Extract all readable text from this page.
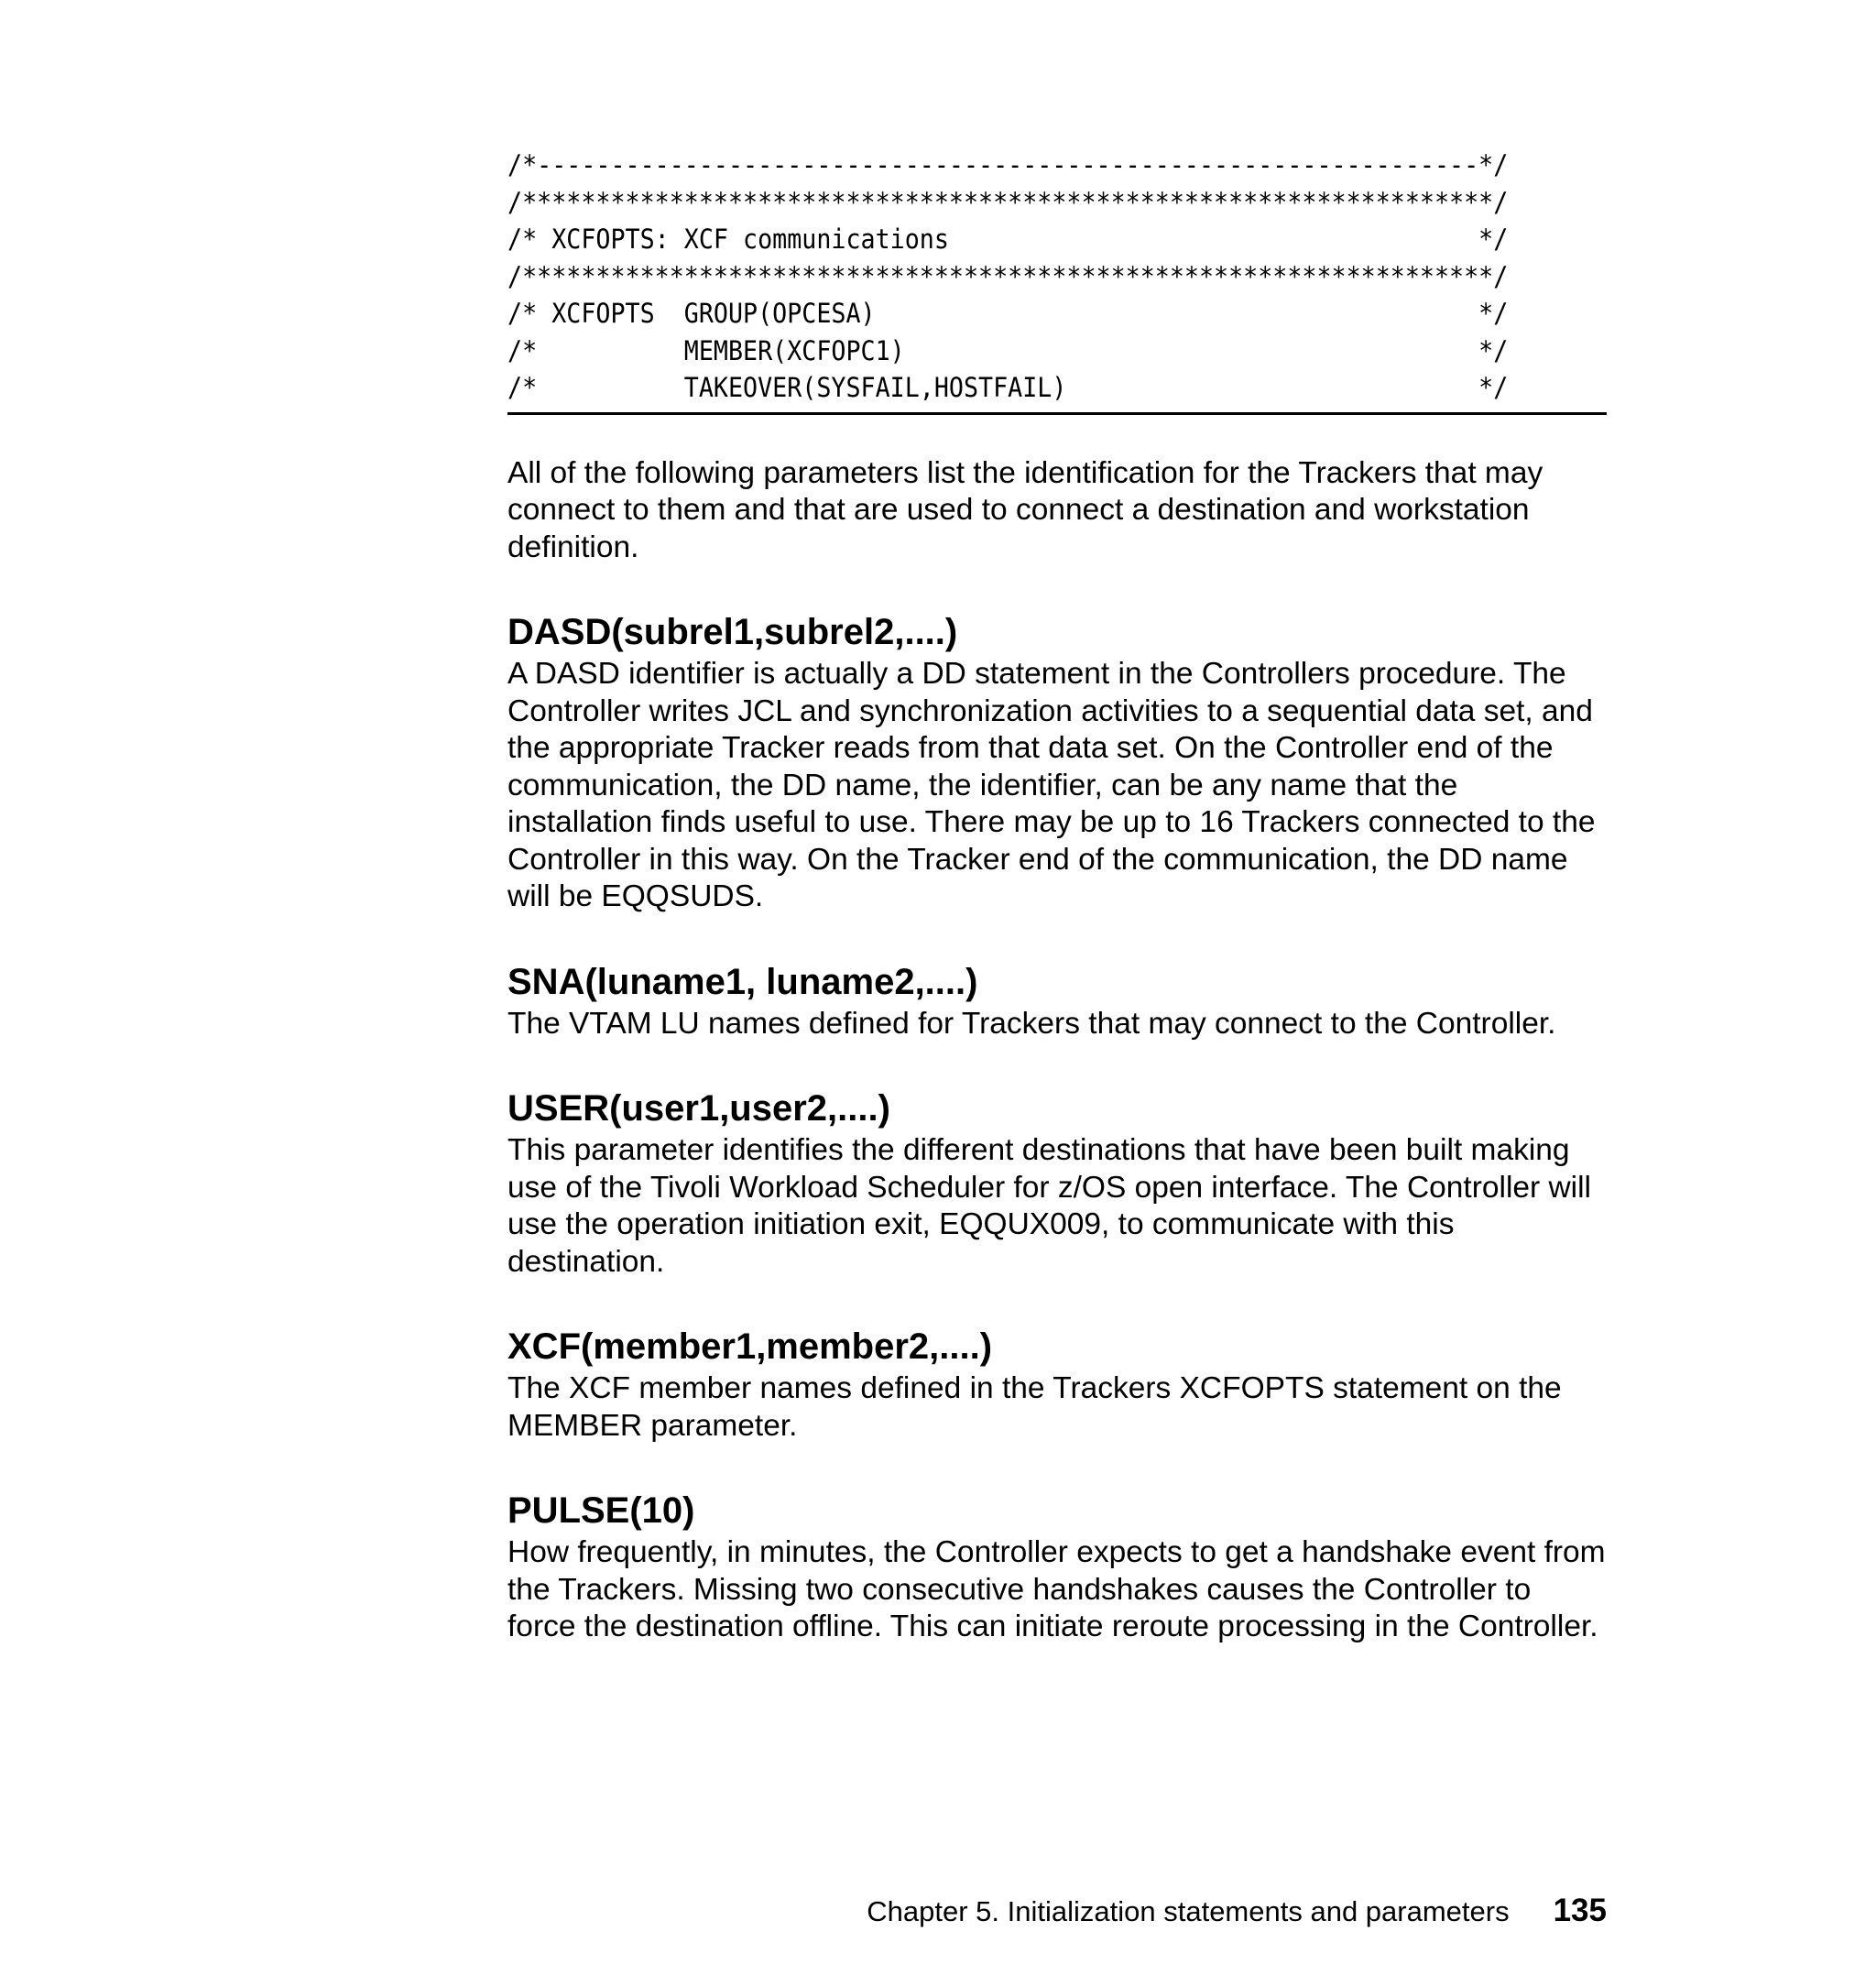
/*----------------------------------------------------------------*/
/******************************************************************/
/* XCFOPTS: XCF communications                                    */
/******************************************************************/
/* XCFOPTS  GROUP(OPCESA)                                         */
/*          MEMBER(XCFOPC1)                                       */
/*          TAKEOVER(SYSFAIL,HOSTFAIL)                            */

All of the following parameters list the identification for the Trackers that may connect to them and that are used to connect a destination and workstation definition.

DASD(subrel1,subrel2,....)

A DASD identifier is actually a DD statement in the Controllers procedure. The Controller writes JCL and synchronization activities to a sequential data set, and the appropriate Tracker reads from that data set. On the Controller end of the communication, the DD name, the identifier, can be any name that the installation finds useful to use. There may be up to 16 Trackers connected to the Controller in this way. On the Tracker end of the communication, the DD name will be EQQSUDS.

SNA(luname1, luname2,....)

The VTAM LU names defined for Trackers that may connect to the Controller.

USER(user1,user2,....)

This parameter identifies the different destinations that have been built making use of the Tivoli Workload Scheduler for z/OS open interface. The Controller will use the operation initiation exit, EQQUX009, to communicate with this destination.

XCF(member1,member2,....)

The XCF member names defined in the Trackers XCFOPTS statement on the MEMBER parameter.

PULSE(10)

How frequently, in minutes, the Controller expects to get a handshake event from the Trackers. Missing two consecutive handshakes causes the Controller to force the destination offline. This can initiate reroute processing in the Controller.

Chapter 5. Initialization statements and parameters 135
